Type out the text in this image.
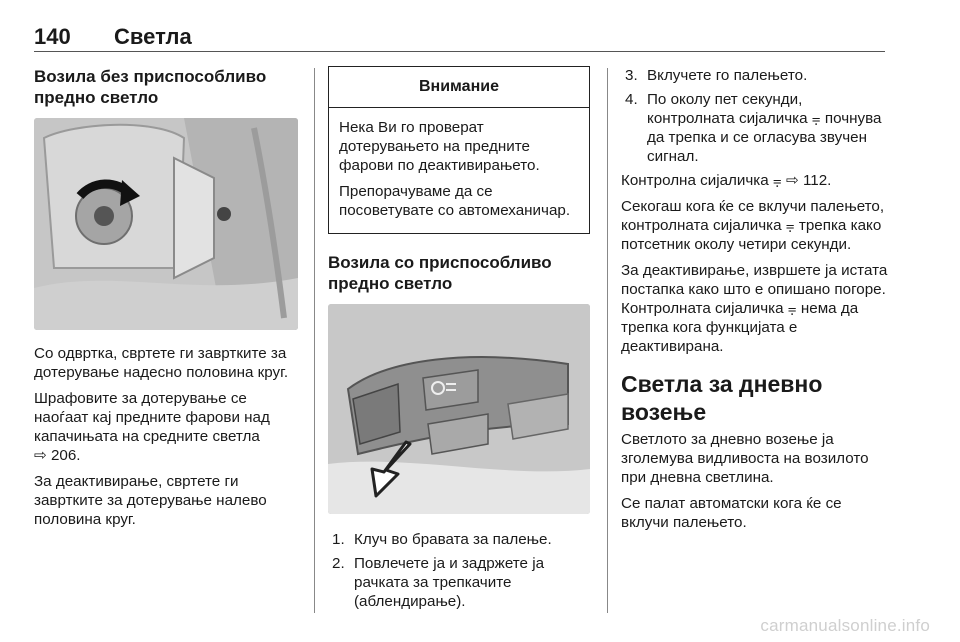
140 Светла
Возила без приспособливо предно светло

Со одвртка, свртете ги завртките за дотерување надесно половина круг.

Шрафовите за дотерување се наоѓаат кај предните фарови над капачињата на средните светла
⇨ 206.

За деактивирање, свртете ги завртките за дотерување налево половина круг.

Внимание

Нека Ви го проверат дотерувањето на предните фарови по деактивирањето.

Препорачуваме да се посоветувате со автомеханичар.

Возила со приспособливо предно светло
1. Клуч во бравата за палење.
2. Повлечете ја и задржете ја рачката за трепкачите (аблендирање).
3. Вклучете го палењето.
4. По околу пет секунди, контролната сијаличка ⩦ почнува да трепка и се огласува звучен сигнал.

Контролна сијаличка ⩦ ⇨ 112.

Секогаш кога ќе се вклучи палењето, контролната сијаличка ⩦ трепка како потсетник околу четири секунди.

За деактивирање, извршете ја истата постапка како што е опишано погоре. Контролната сијаличка ⩦ нема да трепка кога функцијата е деактивирана.

Светла за дневно возење

Светлото за дневно возење ја зголемува видливоста на возилото при дневна светлина.

Се палат автоматски кога ќе се вклучи палењето.

carmanualsonline.info
